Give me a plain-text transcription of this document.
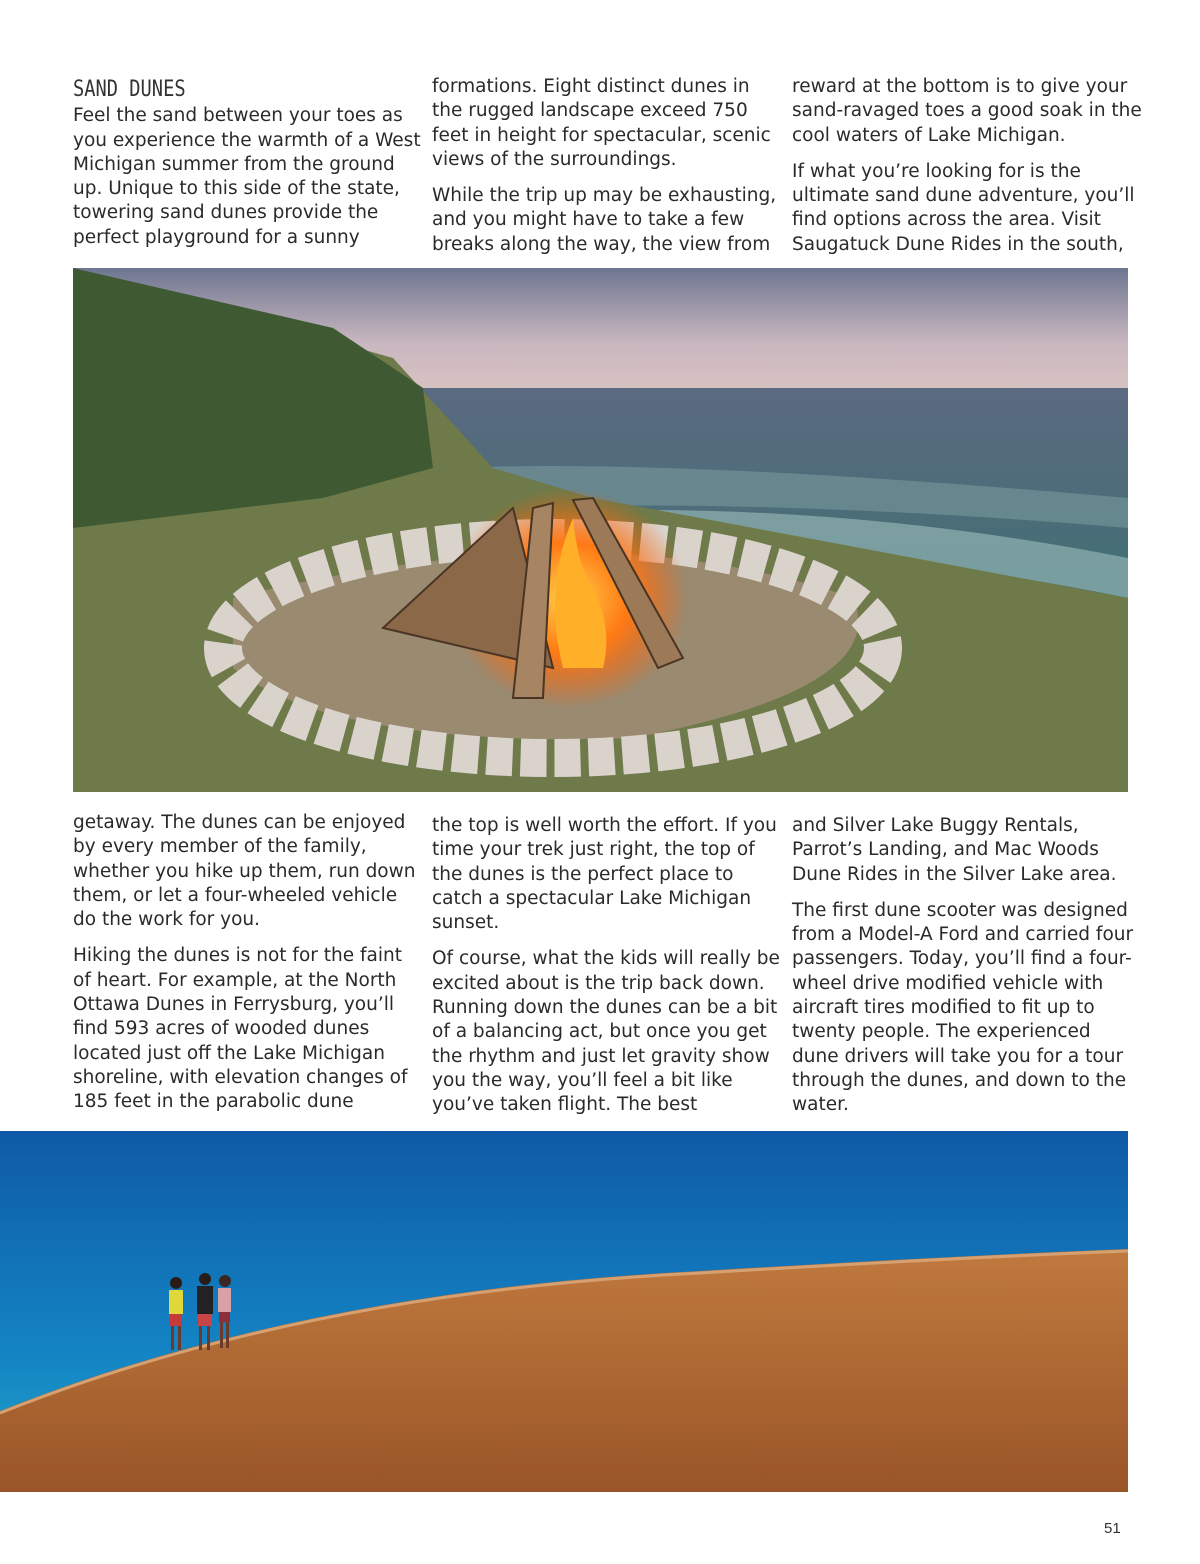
SAND DUNES

Feel the sand between your toes as you experience the warmth of a West Michigan summer from the ground up. Unique to this side of the state, towering sand dunes provide the perfect playground for a sunny

formations. Eight distinct dunes in the rugged landscape exceed 750 feet in height for spectacular, scenic views of the surroundings.

While the trip up may be exhausting, and you might have to take a few breaks along the way, the view from

reward at the bottom is to give your sand-ravaged toes a good soak in the cool waters of Lake Michigan.

If what you’re looking for is the ultimate sand dune adventure, you’ll find options across the area. Visit Saugatuck Dune Rides in the south,

getaway. The dunes can be enjoyed by every member of the family, whether you hike up them, run down them, or let a four-wheeled vehicle do the work for you.

Hiking the dunes is not for the faint of heart. For example, at the North Ottawa Dunes in Ferrysburg, you’ll find 593 acres of wooded dunes located just off the Lake Michigan shoreline, with elevation changes of 185 feet in the parabolic dune

the top is well worth the effort. If you time your trek just right, the top of the dunes is the perfect place to catch a spectacular Lake Michigan sunset.

Of course, what the kids will really be excited about is the trip back down. Running down the dunes can be a bit of a balancing act, but once you get the rhythm and just let gravity show you the way, you’ll feel a bit like you’ve taken flight. The best

and Silver Lake Buggy Rentals, Parrot’s Landing, and Mac Woods Dune Rides in the Silver Lake area.

The first dune scooter was designed from a Model-A Ford and carried four passengers. Today, you’ll find a four-wheel drive modified vehicle with aircraft tires modified to fit up to twenty people. The experienced dune drivers will take you for a tour through the dunes, and down to the water.

51
